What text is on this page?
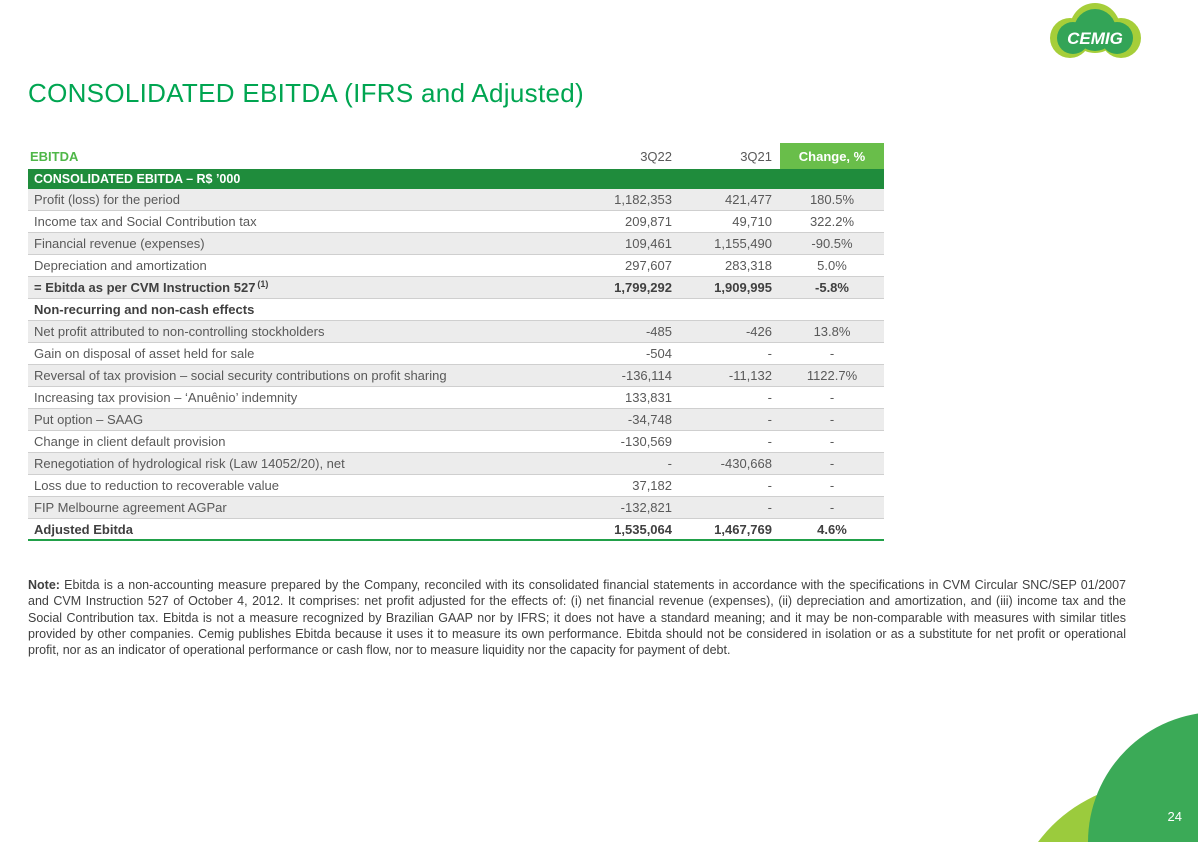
CEMIG
CONSOLIDATED EBITDA (IFRS and Adjusted)
EBITDA	3Q22	3Q21	Change, %
CONSOLIDATED EBITDA – R$ ’000
Profit (loss) for the period	1,182,353	421,477	180.5%
Income tax and Social Contribution tax	209,871	49,710	322.2%
Financial revenue (expenses)	109,461	1,155,490	-90.5%
Depreciation and amortization	297,607	283,318	5.0%
= Ebitda as per CVM Instruction 527 (1)	1,799,292	1,909,995	-5.8%
Non-recurring and non-cash effects
Net profit attributed to non-controlling stockholders	-485	-426	13.8%
Gain on disposal of asset held for sale	-504	-	-
Reversal of tax provision – social security contributions on profit sharing	-136,114	-11,132	1122.7%
Increasing tax provision – ‘Anuênio’ indemnity	133,831	-	-
Put option – SAAG	-34,748	-	-
Change in client default provision	-130,569	-	-
Renegotiation of hydrological risk (Law 14052/20), net	-	-430,668	-
Loss due to reduction to recoverable value	37,182	-	-
FIP Melbourne agreement AGPar	-132,821	-	-
Adjusted Ebitda	1,535,064	1,467,769	4.6%

Note: Ebitda is a non-accounting measure prepared by the Company, reconciled with its consolidated financial statements in accordance with the specifications in CVM Circular SNC/SEP 01/2007 and CVM Instruction 527 of October 4, 2012. It comprises: net profit adjusted for the effects of: (i) net financial revenue (expenses), (ii) depreciation and amortization, and (iii) income tax and the Social Contribution tax. Ebitda is not a measure recognized by Brazilian GAAP nor by IFRS; it does not have a standard meaning; and it may be non-comparable with measures with similar titles provided by other companies. Cemig publishes Ebitda because it uses it to measure its own performance. Ebitda should not be considered in isolation or as a substitute for net profit or operational profit, nor as an indicator of operational performance or cash flow, nor to measure liquidity nor the capacity for payment of debt.

24
